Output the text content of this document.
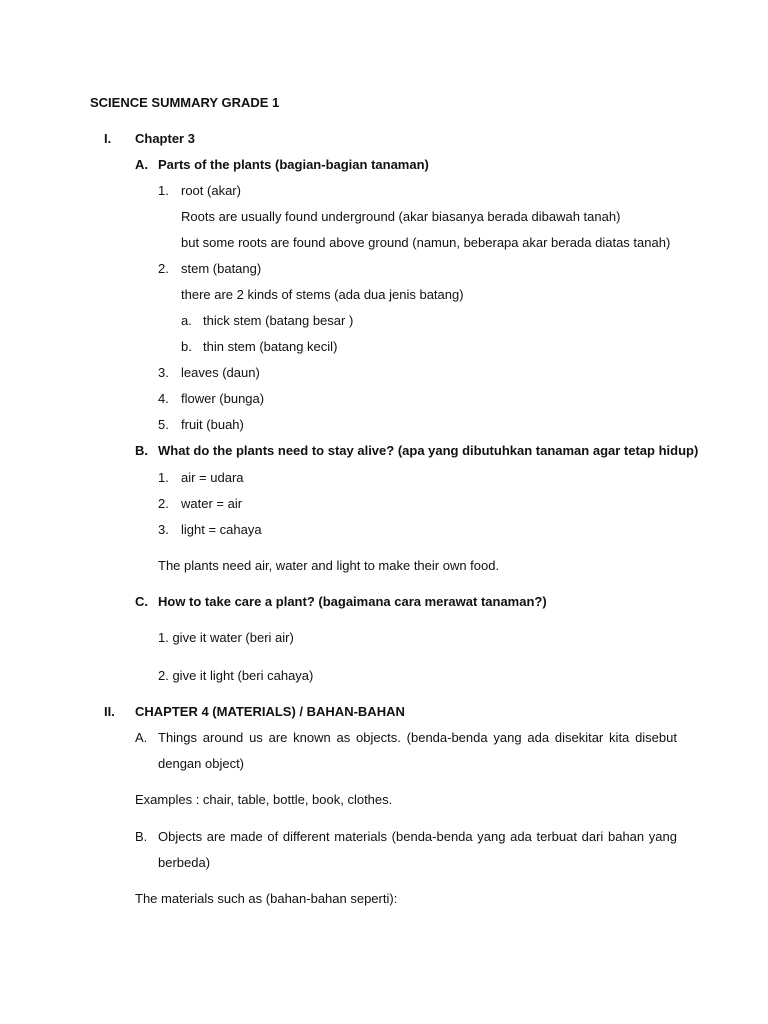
SCIENCE SUMMARY GRADE 1
I. Chapter 3
A. Parts of the plants (bagian-bagian tanaman)
1. root (akar)
Roots are usually found underground (akar biasanya berada dibawah tanah)
but some roots are found above ground (namun, beberapa akar berada diatas tanah)
2. stem (batang)
there are 2 kinds of stems (ada dua jenis batang)
a. thick stem (batang besar )
b. thin stem (batang kecil)
3. leaves (daun)
4. flower (bunga)
5. fruit (buah)
B. What do the plants need to stay alive? (apa yang dibutuhkan tanaman agar tetap hidup)
1. air = udara
2. water = air
3. light = cahaya
The plants need air, water and light to make their own food.
C. How to take care a plant? (bagaimana cara merawat tanaman?)
1. give it water (beri air)
2. give it light (beri cahaya)
II. CHAPTER 4 (MATERIALS) / BAHAN-BAHAN
A. Things around us are known as objects. (benda-benda yang ada disekitar kita disebut
dengan object)
Examples : chair, table, bottle, book, clothes.
B. Objects are made of different materials (benda-benda yang ada terbuat dari bahan yang
berbeda)
The materials such as (bahan-bahan seperti):
